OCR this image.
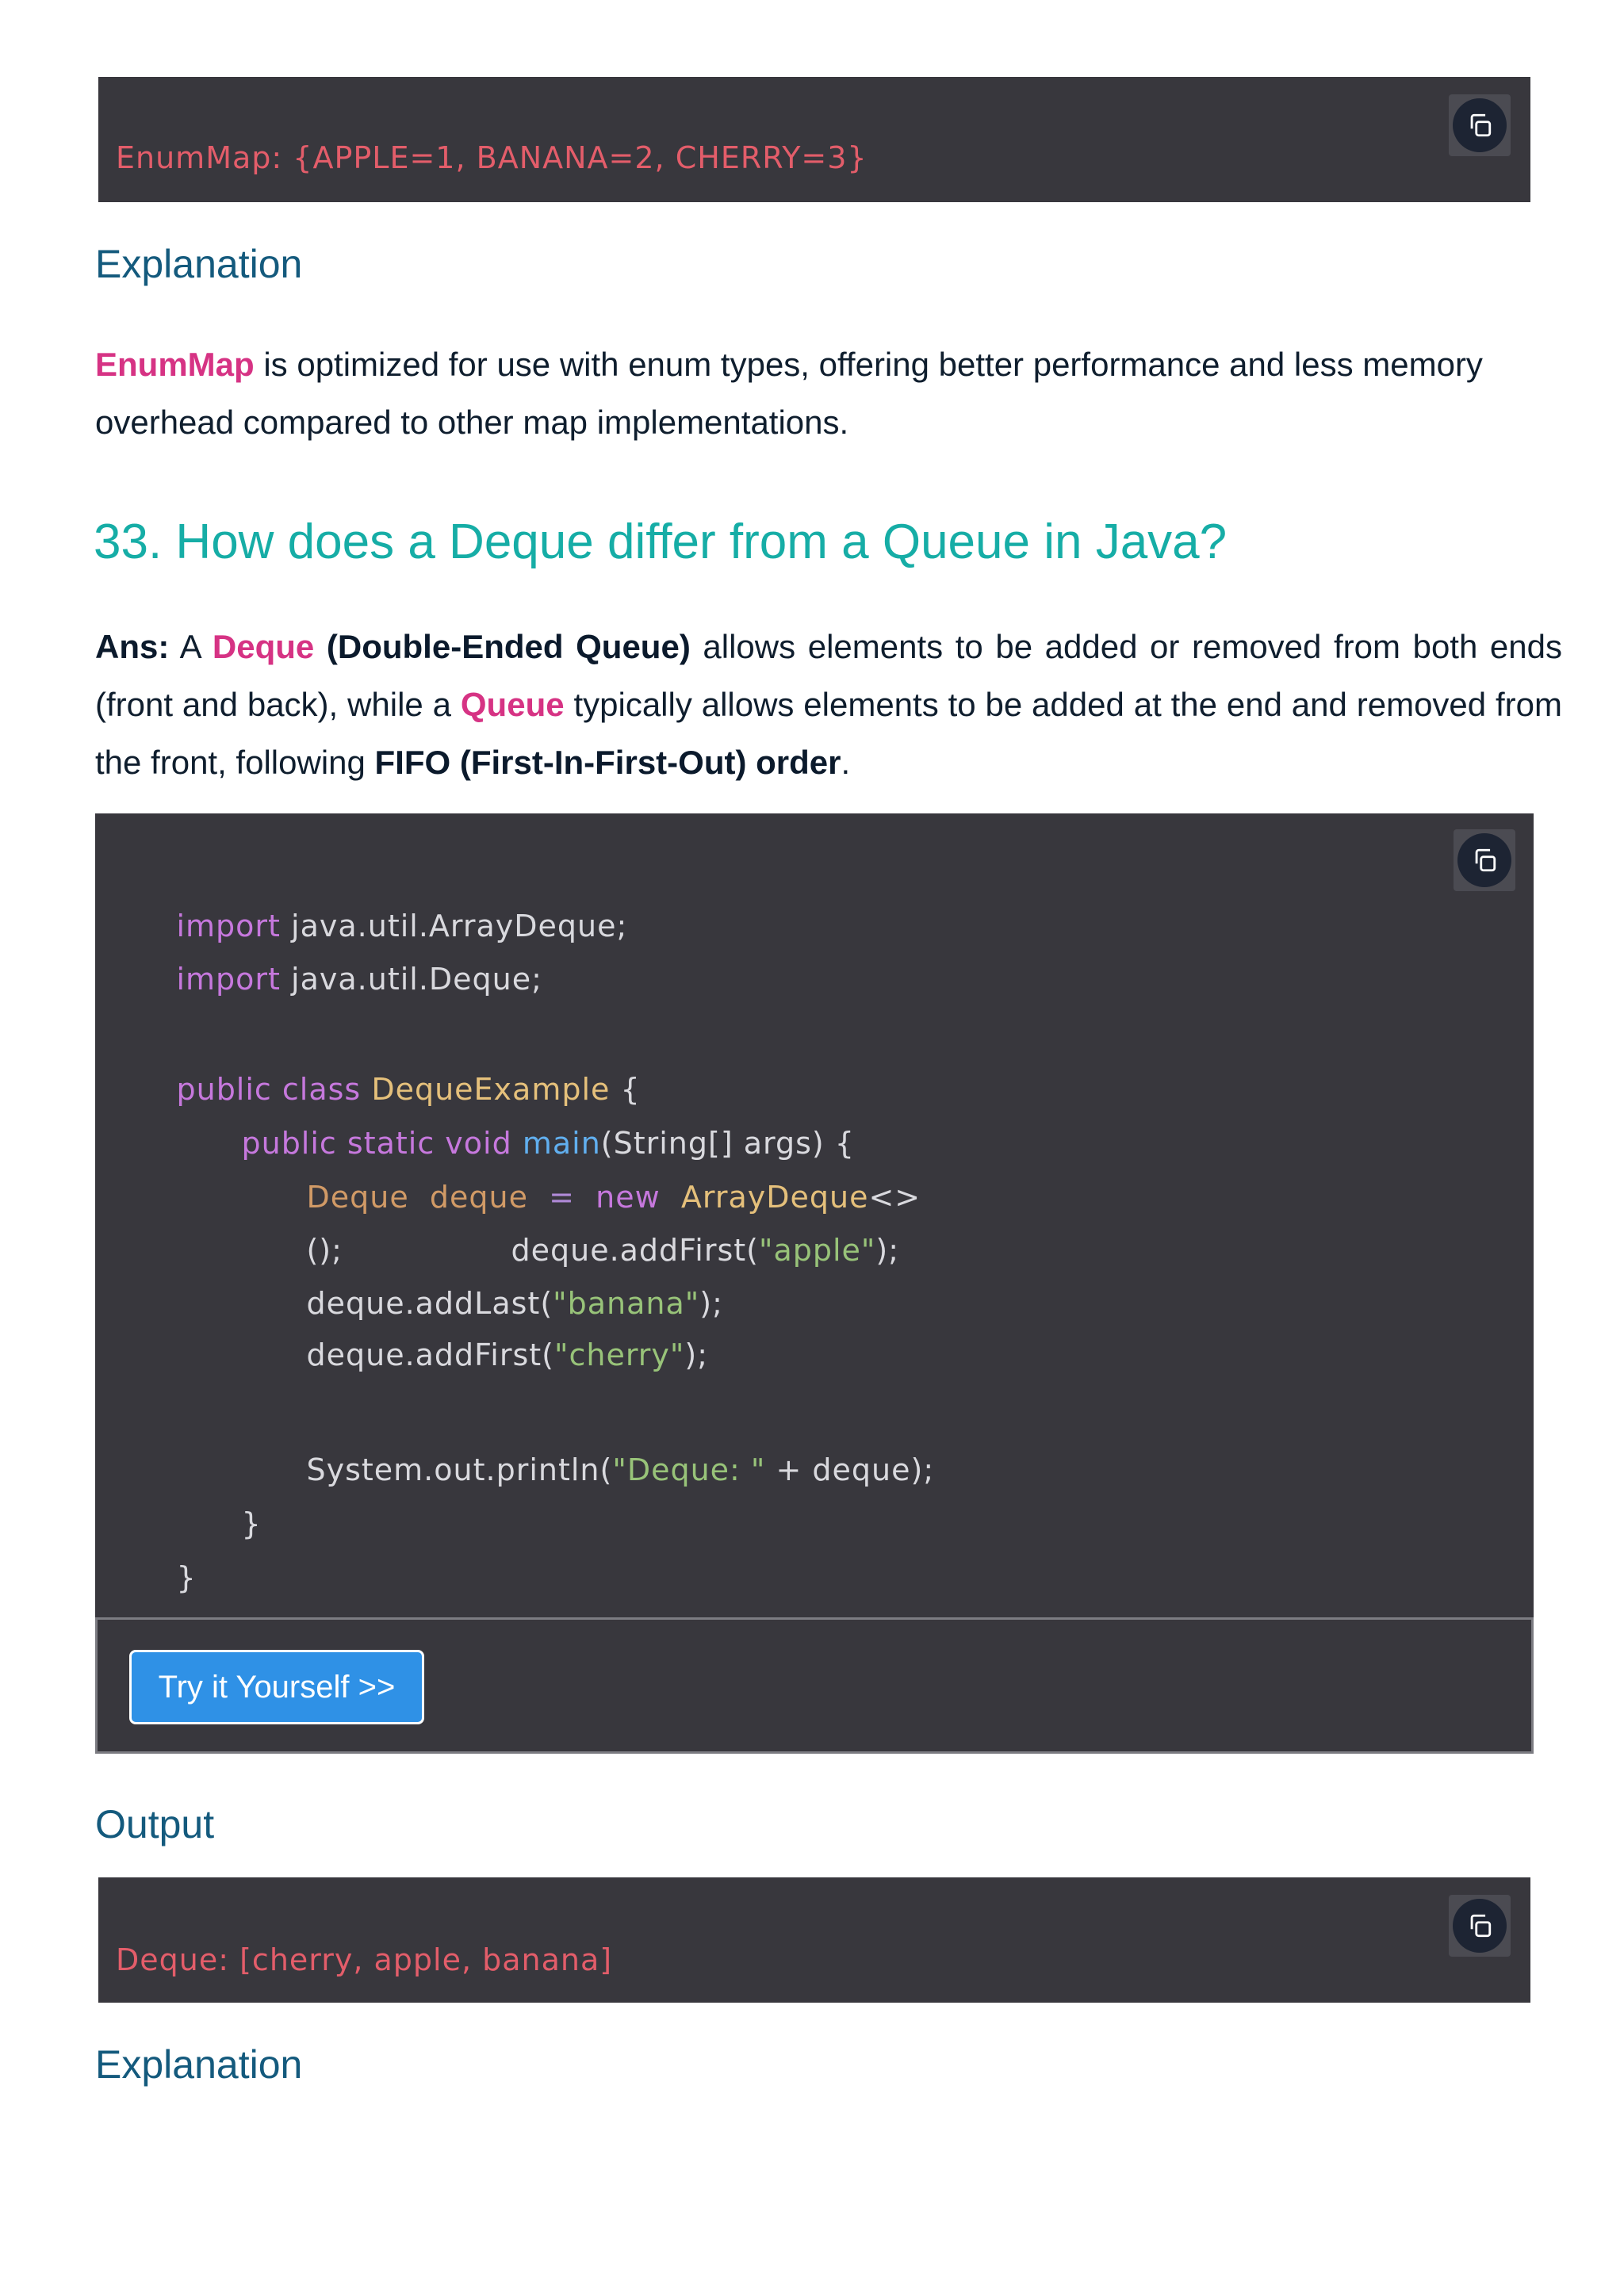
EnumMap: {APPLE=1, BANANA=2, CHERRY=3}
Explanation
EnumMap is optimized for use with enum types, offering better performance and less memory
overhead compared to other map implementations.
33. How does a Deque differ from a Queue in Java?
Ans: A Deque (Double-Ended Queue) allows elements to be added or removed from both ends (front and back), while a Queue typically allows elements to be added at the end and removed from the front, following FIFO (First-In-First-Out) order.

import java.util.ArrayDeque;

import java.util.Deque;

public class DequeExample {

public static void main(String[] args) {

Deque deque = new ArrayDeque<>

();
	deque.addFirst("apple");

deque.addLast("banana");

deque.addFirst("cherry");

System.out.println("Deque: " + deque);

}

}

Try it Yourself >>
Output
Deque: [cherry, apple, banana]
Explanation
